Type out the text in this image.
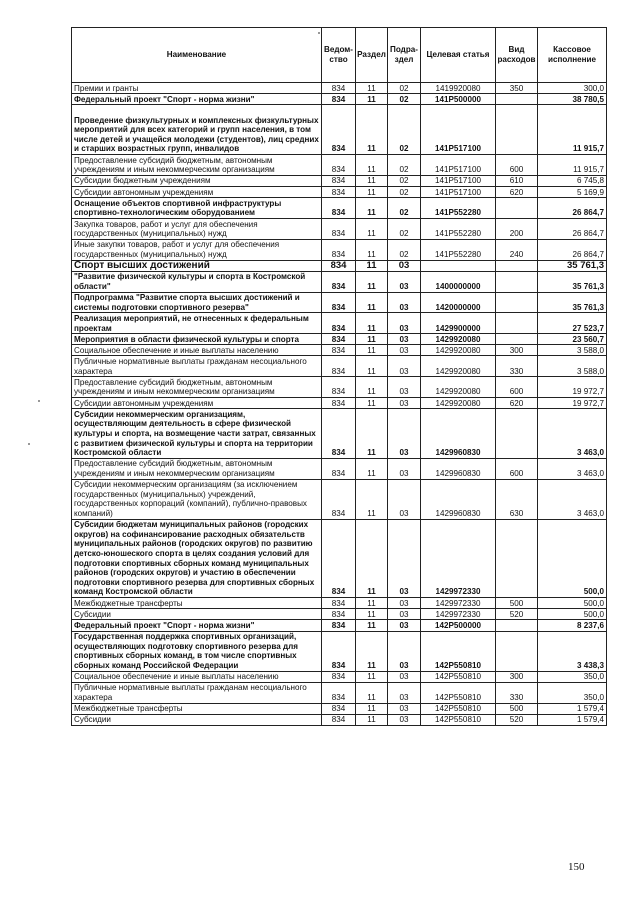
Наименование	Ведом-ство	Раздел	Подра-здел	Целевая статья	Вид расходов	Кассовое исполнение
Премии и гранты	834	11	02	1419920080	350	300,0
Федеральный проект "Спорт - норма жизни"	834	11	02	141P500000		38 780,5
Проведение физкультурных и комплексных физкультурных мероприятий для всех категорий и групп населения, в том числе детей и учащейся молодежи (студентов), лиц средних и старших возрастных групп, инвалидов	834	11	02	141P517100		11 915,7
Предоставление субсидий бюджетным, автономным учреждениям и иным некоммерческим организациям	834	11	02	141P517100	600	11 915,7
Субсидии бюджетным учреждениям	834	11	02	141P517100	610	6 745,8
Субсидии автономным учреждениям	834	11	02	141P517100	620	5 169,9
Оснащение объектов спортивной инфраструктуры спортивно-технологическим оборудованием	834	11	02	141P552280		26 864,7
Закупка товаров, работ и услуг для обеспечения государственных (муниципальных) нужд	834	11	02	141P552280	200	26 864,7
Иные закупки товаров, работ и услуг для обеспечения государственных (муниципальных) нужд	834	11	02	141P552280	240	26 864,7
Спорт высших достижений	834	11	03			35 761,3
"Развитие физической культуры и спорта в Костромской области"	834	11	03	1400000000		35 761,3
Подпрограмма "Развитие спорта высших достижений и системы подготовки спортивного резерва"	834	11	03	1420000000		35 761,3
Реализация мероприятий, не отнесенных к федеральным проектам	834	11	03	1429900000		27 523,7
Мероприятия в области физической культуры и спорта	834	11	03	1429920080		23 560,7
Социальное обеспечение и иные выплаты населению	834	11	03	1429920080	300	3 588,0
Публичные нормативные выплаты гражданам несоциального характера	834	11	03	1429920080	330	3 588,0
Предоставление субсидий бюджетным, автономным учреждениям и иным некоммерческим организациям	834	11	03	1429920080	600	19 972,7
Субсидии автономным учреждениям	834	11	03	1429920080	620	19 972,7
Субсидии некоммерческим организациям, осуществляющим деятельность в сфере физической культуры и спорта, на возмещение части затрат, связанных с развитием физической культуры и спорта на территории Костромской области	834	11	03	1429960830		3 463,0
Предоставление субсидий бюджетным, автономным учреждениям и иным некоммерческим организациям	834	11	03	1429960830	600	3 463,0
Субсидии некоммерческим организациям (за исключением государственных (муниципальных) учреждений, государственных корпораций (компаний), публично-правовых компаний)	834	11	03	1429960830	630	3 463,0
Субсидии бюджетам муниципальных районов (городских округов) на софинансирование расходных обязательств муниципальных районов (городских округов) по развитию детско-юношеского спорта в целях создания условий для подготовки спортивных сборных команд муниципальных районов (городских округов) и участию в обеспечении подготовки спортивного резерва для спортивных сборных команд Костромской области	834	11	03	1429972330		500,0
Межбюджетные трансферты	834	11	03	1429972330	500	500,0
Субсидии	834	11	03	1429972330	520	500,0
Федеральный проект "Спорт - норма жизни"	834	11	03	142P500000		8 237,6
Государственная поддержка спортивных организаций, осуществляющих подготовку спортивного резерва для спортивных сборных команд, в том числе спортивных сборных команд Российской Федерации	834	11	03	142P550810		3 438,3
Социальное обеспечение и иные выплаты населению	834	11	03	142P550810	300	350,0
Публичные нормативные выплаты гражданам несоциального характера	834	11	03	142P550810	330	350,0
Межбюджетные трансферты	834	11	03	142P550810	500	1 579,4
Субсидии	834	11	03	142P550810	520	1 579,4
150
